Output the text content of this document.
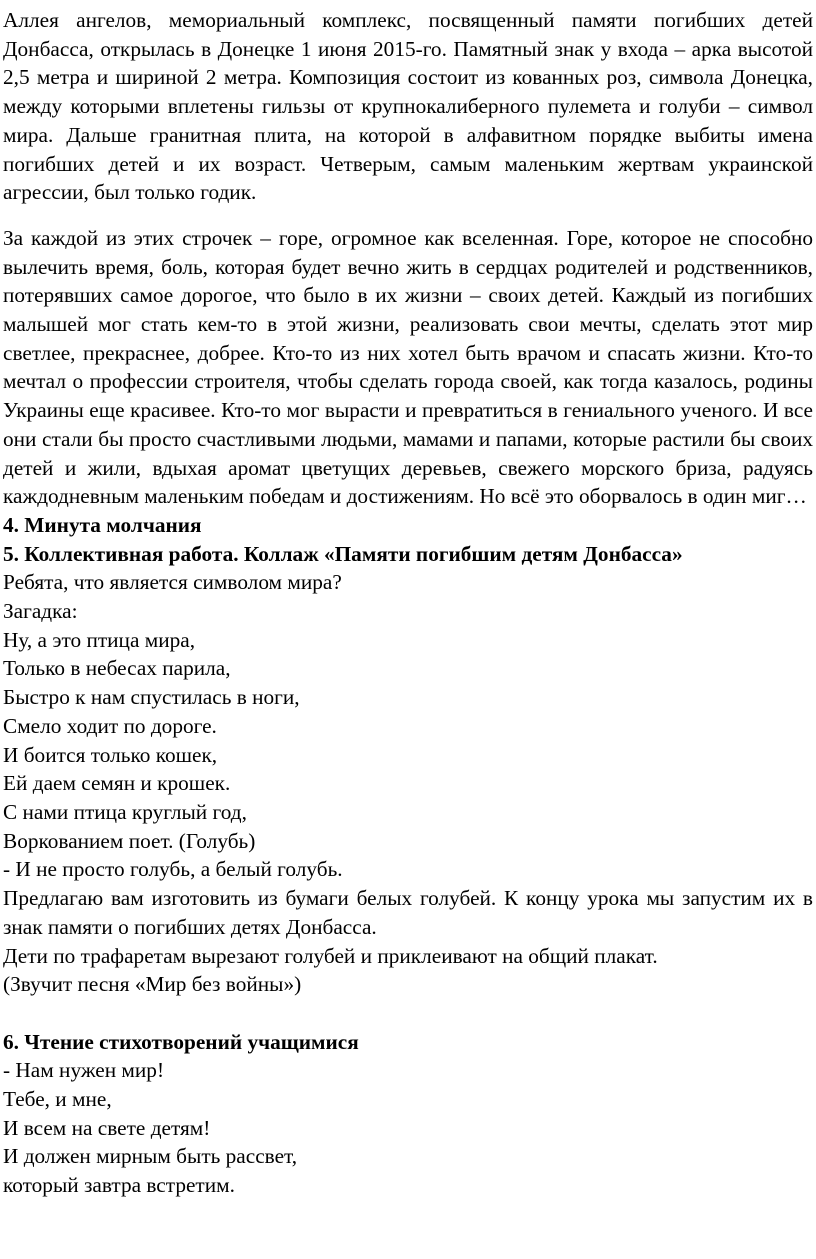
Аллея ангелов, мемориальный комплекс, посвященный памяти погибших детей Донбасса, открылась в Донецке 1 июня 2015-го. Памятный знак у входа – арка высотой 2,5 метра и шириной 2 метра. Композиция состоит из кованных роз, символа Донецка, между которыми вплетены гильзы от крупнокалиберного пулемета и голуби – символ мира. Дальше гранитная плита, на которой в алфавитном порядке выбиты имена погибших детей и их возраст. Четверым, самым маленьким жертвам украинской агрессии, был только годик.

За каждой из этих строчек – горе, огромное как вселенная. Горе, которое не способно вылечить время, боль, которая будет вечно жить в сердцах родителей и родственников, потерявших самое дорогое, что было в их жизни – своих детей. Каждый из погибших малышей мог стать кем-то в этой жизни, реализовать свои мечты, сделать этот мир светлее, прекраснее, добрее. Кто-то из них хотел быть врачом и спасать жизни. Кто-то мечтал о профессии строителя, чтобы сделать города своей, как тогда казалось, родины Украины еще красивее. Кто-то мог вырасти и превратиться в гениального ученого. И все они стали бы просто счастливыми людьми, мамами и папами, которые растили бы своих детей и жили, вдыхая аромат цветущих деревьев, свежего морского бриза, радуясь каждодневным маленьким победам и достижениям. Но всё это оборвалось в один миг…

4. Минута молчания

5. Коллективная работа. Коллаж «Памяти погибшим детям Донбасса»

Ребята, что является символом мира?

Загадка:

Ну, а это птица мира,

Только в небесах парила,

Быстро к нам спустилась в ноги,

Смело ходит по дороге.

И боится только кошек,

Ей даем семян и крошек.

С нами птица круглый год,

Воркованием поет. (Голубь)

- И не просто голубь, а белый голубь.

Предлагаю вам изготовить из бумаги белых голубей. К концу урока мы запустим их в знак памяти о погибших детях Донбасса.

Дети по трафаретам вырезают голубей и приклеивают на общий плакат.

(Звучит песня «Мир без войны»)

6. Чтение стихотворений учащимися

- Нам нужен мир!

Тебе, и мне,

И всем на свете детям!

И должен мирным быть рассвет,

который завтра встретим.
